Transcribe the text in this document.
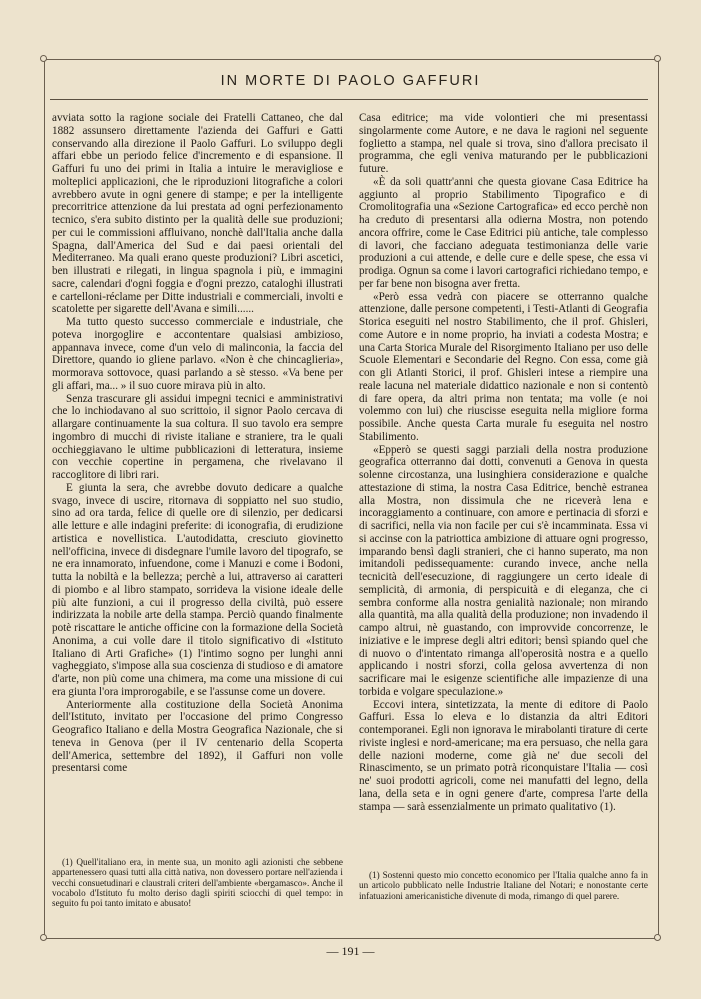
IN MORTE DI PAOLO GAFFURI

avviata sotto la ragione sociale dei Fratelli Cattaneo, che dal 1882 assunsero direttamente l'azienda dei Gaffuri e Gatti conservando alla direzione il Paolo Gaffuri. Lo sviluppo degli affari ebbe un periodo felice d'incremento e di espansione. Il Gaffuri fu uno dei primi in Italia a intuire le meravigliose e molteplici applicazioni, che le riproduzioni litografiche a colori avrebbero avute in ogni genere di stampe; e per la intelligente precorritrice attenzione da lui prestata ad ogni perfezionamento tecnico, s'era subito distinto per la qualità delle sue produzioni; per cui le commissioni affluivano, nonchè dall'Italia anche dalla Spagna, dall'America del Sud e dai paesi orientali del Mediterraneo. Ma quali erano queste produzioni? Libri ascetici, ben illustrati e rilegati, in lingua spagnola i più, e immagini sacre, calendari d'ogni foggia e d'ogni prezzo, cataloghi illustrati e cartelloni-réclame per Ditte industriali e commerciali, involti e scatolette per sigarette dell'Avana e simili......

Ma tutto questo successo commerciale e industriale, che poteva inorgoglire e accontentare qualsiasi ambizioso, appannava invece, come d'un velo di malinconia, la faccia del Direttore, quando io gliene parlavo. «Non è che chincaglieria», mormorava sottovoce, quasi parlando a sè stesso. «Va bene per gli affari, ma... » il suo cuore mirava più in alto.

Senza trascurare gli assidui impegni tecnici e amministrativi che lo inchiodavano al suo scrittoio, il signor Paolo cercava di allargare continuamente la sua coltura. Il suo tavolo era sempre ingombro di mucchi di riviste italiane e straniere, tra le quali occhieggiavano le ultime pubblicazioni di letteratura, insieme con vecchie copertine in pergamena, che rivelavano il raccoglitore di libri rari.

E giunta la sera, che avrebbe dovuto dedicare a qualche svago, invece di uscire, ritornava di soppiatto nel suo studio, sino ad ora tarda, felice di quelle ore di silenzio, per dedicarsi alle letture e alle indagini preferite: di iconografia, di erudizione artistica e novellistica. L'autodidatta, cresciuto giovinetto nell'officina, invece di disdegnare l'umile lavoro del tipografo, se ne era innamorato, infuendone, come i Manuzi e come i Bodoni, tutta la nobiltà e la bellezza; perchè a lui, attraverso ai caratteri di piombo e al libro stampato, sorrideva la visione ideale delle più alte funzioni, a cui il progresso della civiltà, può essere indirizzata la nobile arte della stampa. Perciò quando finalmente potè riscattare le antiche officine con la formazione della Società Anonima, a cui volle dare il titolo significativo di «Istituto Italiano di Arti Grafiche» (1) l'intimo sogno per lunghi anni vagheggiato, s'impose alla sua coscienza di studioso e di amatore d'arte, non più come una chimera, ma come una missione di cui era giunta l'ora improrogabile, e se l'assunse come un dovere.

Anteriormente alla costituzione della Società Anonima dell'Istituto, invitato per l'occasione del primo Congresso Geografico Italiano e della Mostra Geografica Nazionale, che si teneva in Genova (per il IV centenario della Scoperta dell'America, settembre del 1892), il Gaffuri non volle presentarsi come

Casa editrice; ma vide volontieri che mi presentassi singolarmente come Autore, e ne dava le ragioni nel seguente foglietto a stampa, nel quale si trova, sino d'allora precisato il programma, che egli veniva maturando per le pubblicazioni future.

«È da soli quattr'anni che questa giovane Casa Editrice ha aggiunto al proprio Stabilimento Tipografico e di Cromolitografia una «Sezione Cartografica» ed ecco perchè non ha creduto di presentarsi alla odierna Mostra, non potendo ancora offrire, come le Case Editrici più antiche, tale complesso di lavori, che facciano adeguata testimonianza delle varie produzioni a cui attende, e delle cure e delle spese, che essa vi prodiga. Ognun sa come i lavori cartografici richiedano tempo, e per far bene non bisogna aver fretta.

«Però essa vedrà con piacere se otterranno qualche attenzione, dalle persone competenti, i Testi-Atlanti di Geografia Storica eseguiti nel nostro Stabilimento, che il prof. Ghisleri, come Autore e in nome proprio, ha inviati a codesta Mostra; e una Carta Storica Murale del Risorgimento Italiano per uso delle Scuole Elementari e Secondarie del Regno. Con essa, come già con gli Atlanti Storici, il prof. Ghisleri intese a riempire una reale lacuna nel materiale didattico nazionale e non si contentò di fare opera, da altri prima non tentata; ma volle (e noi volemmo con lui) che riuscisse eseguita nella migliore forma possibile. Anche questa Carta murale fu eseguita nel nostro Stabilimento.

«Epperò se questi saggi parziali della nostra produzione geografica otterranno dai dotti, convenuti a Genova in questa solenne circostanza, una lusinghiera considerazione e qualche attestazione di stima, la nostra Casa Editrice, benchè estranea alla Mostra, non dissimula che ne riceverà lena e incoraggiamento a continuare, con amore e pertinacia di sforzi e di sacrifici, nella via non facile per cui s'è incamminata. Essa vi si accinse con la patriottica ambizione di attuare ogni progresso, imparando bensì dagli stranieri, che ci hanno superato, ma non imitandoli pedissequamente: curando invece, anche nella tecnicità dell'esecuzione, di raggiungere un certo ideale di semplicità, di armonia, di perspicuità e di eleganza, che ci sembra conforme alla nostra genialità nazionale; non mirando alla quantità, ma alla qualità della produzione; non invadendo il campo altrui, nè guastando, con improvvide concorrenze, le iniziative e le imprese degli altri editori; bensì spiando quel che di nuovo o d'intentato rimanga all'operosità nostra e a quello applicando i nostri sforzi, colla gelosa avvertenza di non sacrificare mai le esigenze scientifiche alle impazienze di una torbida e volgare speculazione.»

Eccovi intera, sintetizzata, la mente di editore di Paolo Gaffuri. Essa lo eleva e lo distanzia da altri Editori contemporanei. Egli non ignorava le mirabolanti tirature di certe riviste inglesi e nord-americane; ma era persuaso, che nella gara delle nazioni moderne, come già ne' due secoli del Rinascimento, se un primato potrà riconquistare l'Italia — così ne' suoi prodotti agricoli, come nei manufatti del legno, della lana, della seta e in ogni genere d'arte, compresa l'arte della stampa — sarà essenzialmente un primato qualitativo (1).

(1) Quell'italiano era, in mente sua, un monito agli azionisti che sebbene appartenessero quasi tutti alla città nativa, non dovessero portare nell'azienda i vecchi consuetudinari e claustrali criteri dell'ambiente «bergamasco». Anche il vocabolo d'Istituto fu molto deriso dagli spiriti sciocchi di quel tempo: in seguito fu poi tanto imitato e abusato!

(1) Sostenni questo mio concetto economico per l'Italia qualche anno fa in un articolo pubblicato nelle Industrie Italiane del Notari; e nonostante certe infatuazioni americanistiche divenute di moda, rimango di quel parere.

— 191 —
